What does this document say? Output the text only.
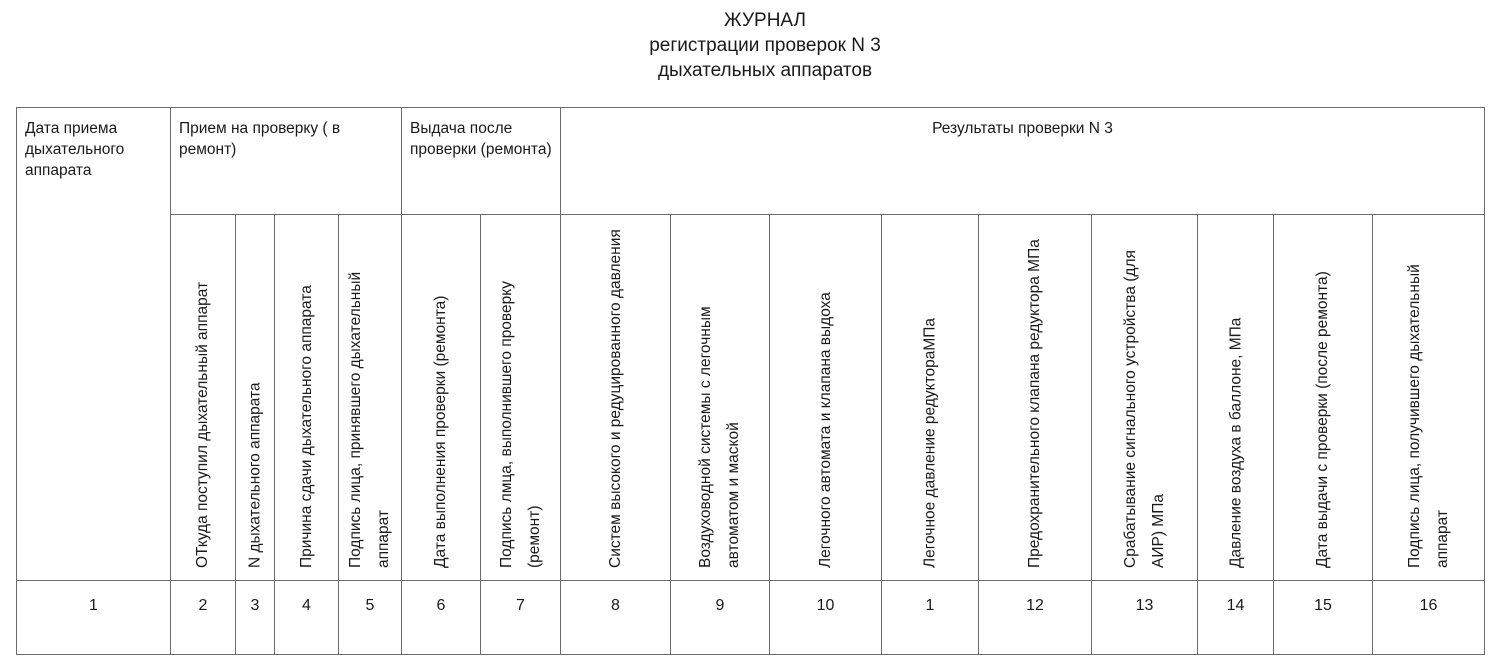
ЖУРНАЛ
регистрации проверок N 3
дыхательных аппаратов
Дата приема дыхательного аппарата	Прием на проверку ( в ремонт)				Выдача после проверки (ремонта)		Результаты проверки N 3								

	ОТкуда поступил дыхательный аппарат	N дыхательного аппарата	Причина сдачи дыхательного аппарата	Подпись лица, принявшего дыхательный аппарат	Дата выполнения проверки (ремонта)	Подпись лмца, выполнившего проверку (ремонт)	Систем высокого и редуцированного давления	Воздуховодной системы с легочным автоматом и маской	Легочного автомата и клапана выдоха	Легочное давление редуктораМПа	Предохранительного клапана редуктора МПа	Срабатывание сигнального устройства (для АИР) МПа	Давление воздуха в баллоне, МПа	Дата выдачи с проверки (после ремонта)	Подпись лица, получившего дыхательный аппарат

1	2	3	4	5	6	7	8	9	10	1	12	13	14	15	16
